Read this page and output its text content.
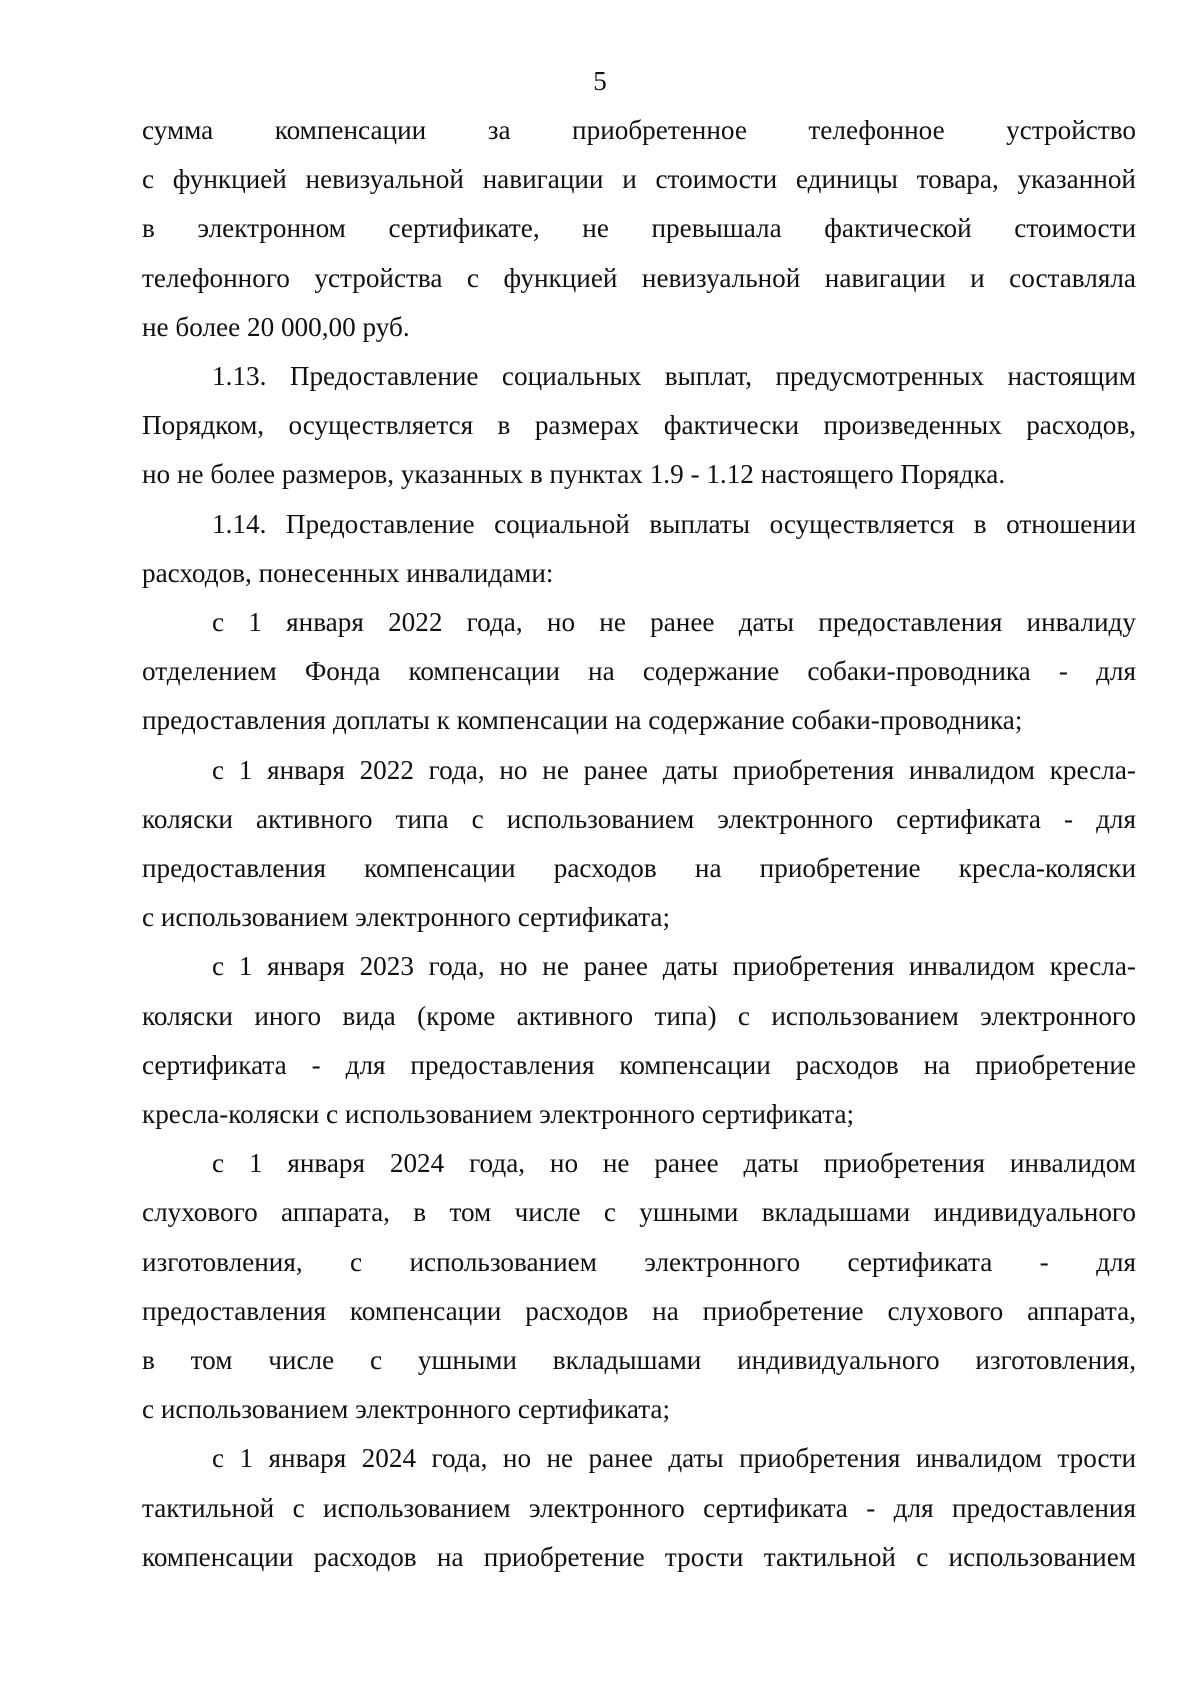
5
сумма компенсации за приобретенное телефонное устройство
с функцией невизуальной навигации и стоимости единицы товара, указанной
в электронном сертификате, не превышала фактической стоимости
телефонного устройства с функцией невизуальной навигации и составляла
не более 20 000,00 руб.
1.13. Предоставление социальных выплат, предусмотренных настоящим
Порядком, осуществляется в размерах фактически произведенных расходов,
но не более размеров, указанных в пунктах 1.9 - 1.12 настоящего Порядка.
1.14. Предоставление социальной выплаты осуществляется в отношении
расходов, понесенных инвалидами:
с 1 января 2022 года, но не ранее даты предоставления инвалиду
отделением Фонда компенсации на содержание собаки-проводника - для
предоставления доплаты к компенсации на содержание собаки-проводника;
с 1 января 2022 года, но не ранее даты приобретения инвалидом кресла-
коляски активного типа с использованием электронного сертификата - для
предоставления компенсации расходов на приобретение кресла-коляски
с использованием электронного сертификата;
с 1 января 2023 года, но не ранее даты приобретения инвалидом кресла-
коляски иного вида (кроме активного типа) с использованием электронного
сертификата - для предоставления компенсации расходов на приобретение
кресла-коляски с использованием электронного сертификата;
с 1 января 2024 года, но не ранее даты приобретения инвалидом
слухового аппарата, в том числе с ушными вкладышами индивидуального
изготовления, с использованием электронного сертификата - для
предоставления компенсации расходов на приобретение слухового аппарата,
в том числе с ушными вкладышами индивидуального изготовления,
с использованием электронного сертификата;
с 1 января 2024 года, но не ранее даты приобретения инвалидом трости
тактильной с использованием электронного сертификата - для предоставления
компенсации расходов на приобретение трости тактильной с использованием
